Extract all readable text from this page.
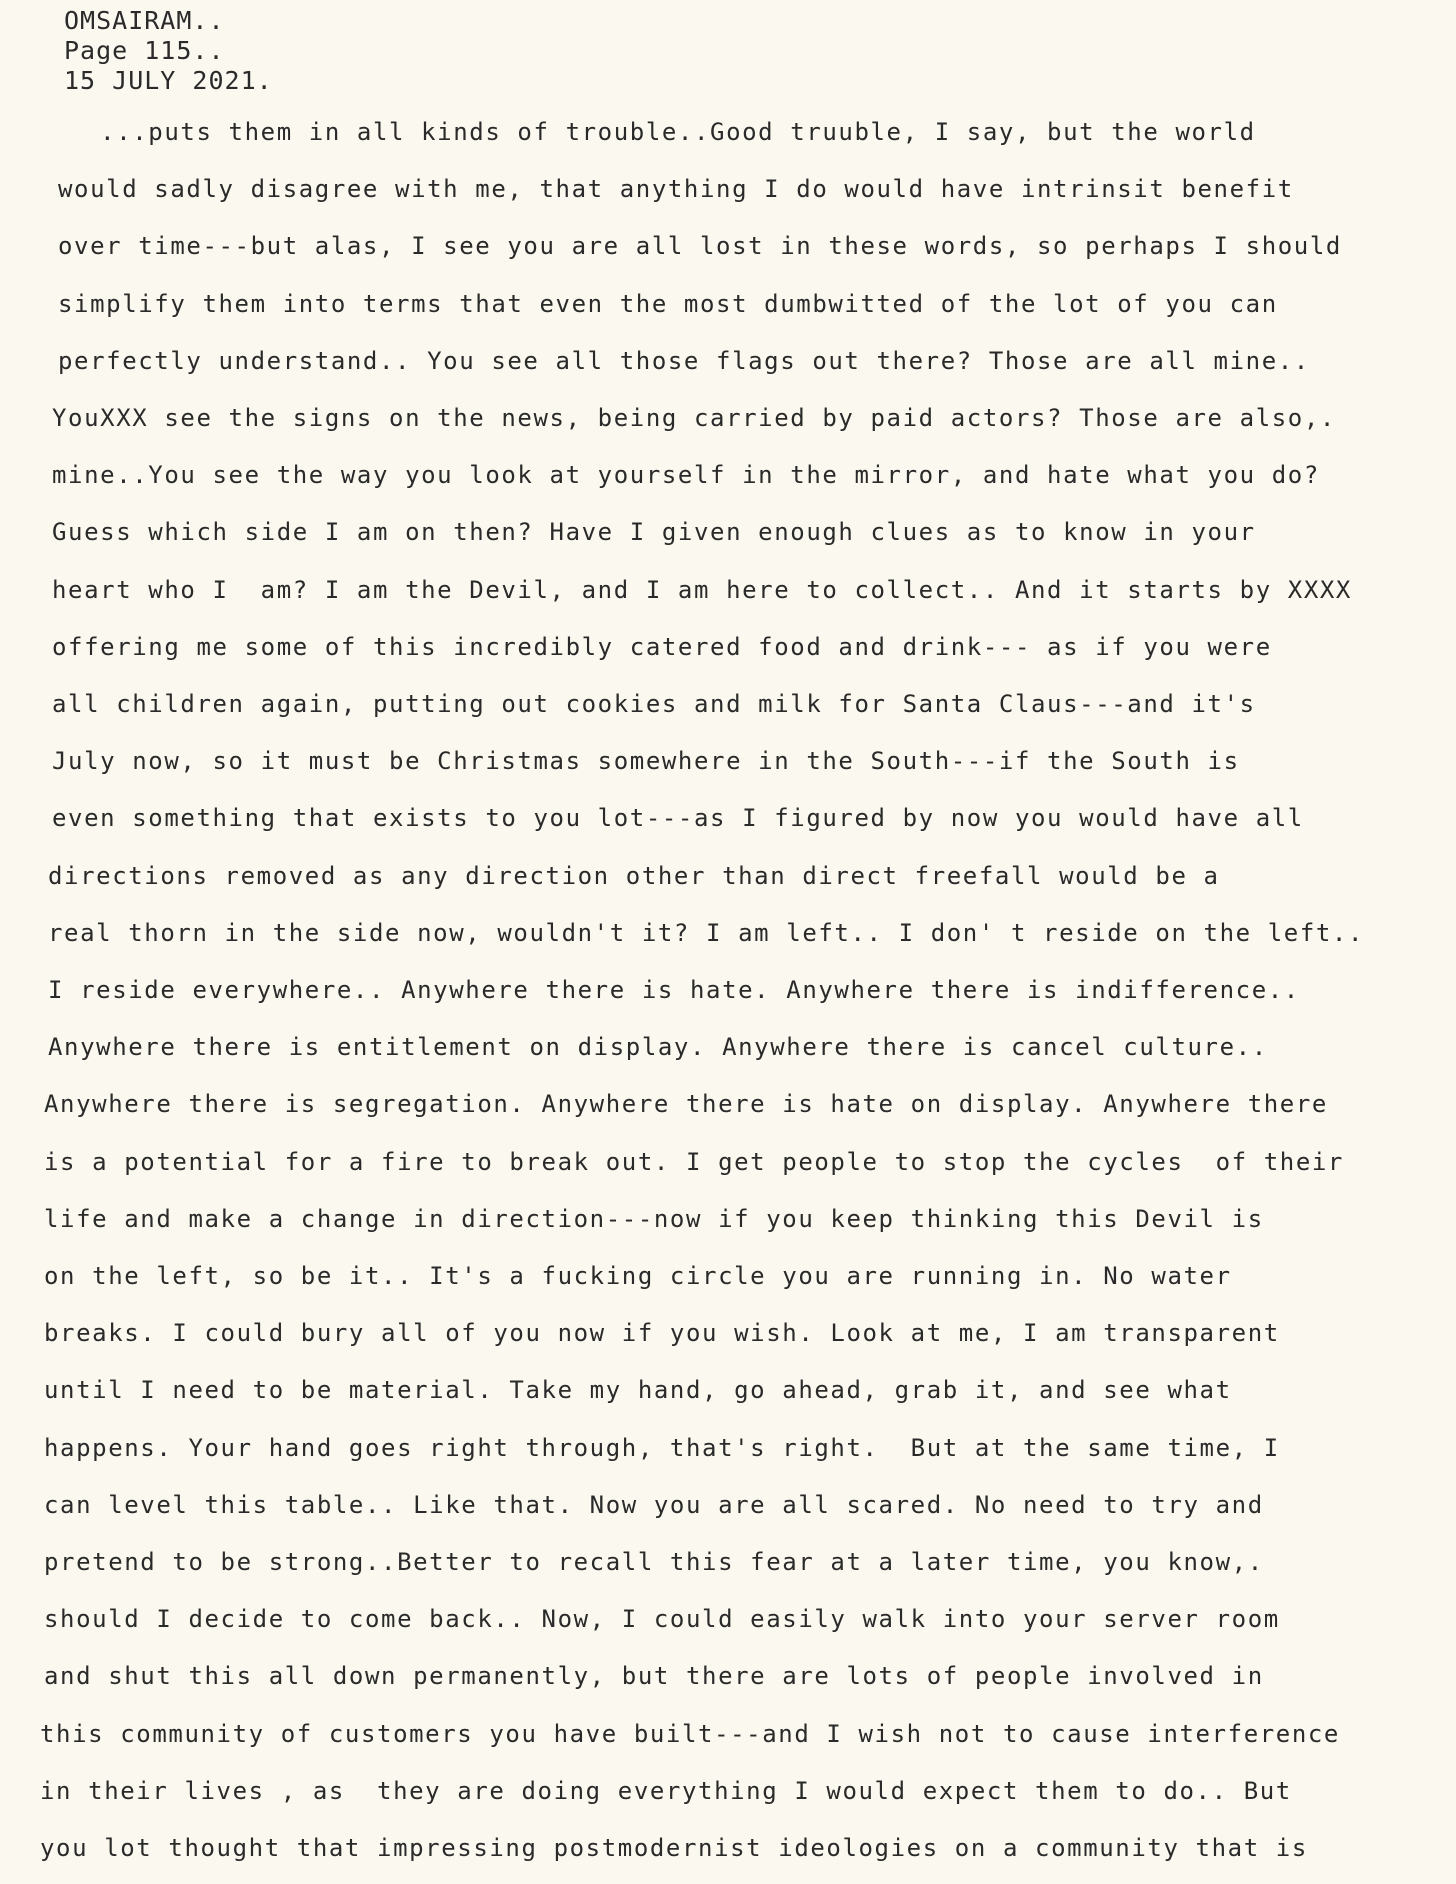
OMSAIRAM..
Page 115..
15 JULY 2021.
...puts them in all kinds of trouble..Good truuble, I say, but the world
would sadly disagree with me, that anything I do would have intrinsit benefit
over time---but alas, I see you are all lost in these words, so perhaps I should
simplify them into terms that even the most dumbwitted of the lot of you can
perfectly understand.. You see all those flags out there? Those are all mine..
YouXXX see the signs on the news, being carried by paid actors? Those are also,.
mine..You see the way you look at yourself in the mirror, and hate what you do?
Guess which side I am on then? Have I given enough clues as to know in your
heart who I  am? I am the Devil, and I am here to collect.. And it starts by XXXX
offering me some of this incredibly catered food and drink--- as if you were
all children again, putting out cookies and milk for Santa Claus---and it's
July now, so it must be Christmas somewhere in the South---if the South is
even something that exists to you lot---as I figured by now you would have all
directions removed as any direction other than direct freefall would be a
real thorn in the side now, wouldn't it? I am left.. I don' t reside on the left..
I reside everywhere.. Anywhere there is hate. Anywhere there is indifference..
Anywhere there is entitlement on display. Anywhere there is cancel culture..
Anywhere there is segregation. Anywhere there is hate on display. Anywhere there
is a potential for a fire to break out. I get people to stop the cycles  of their
life and make a change in direction---now if you keep thinking this Devil is
on the left, so be it.. It's a fucking circle you are running in. No water
breaks. I could bury all of you now if you wish. Look at me, I am transparent
until I need to be material. Take my hand, go ahead, grab it, and see what
happens. Your hand goes right through, that's right.  But at the same time, I
can level this table.. Like that. Now you are all scared. No need to try and
pretend to be strong..Better to recall this fear at a later time, you know,.
should I decide to come back.. Now, I could easily walk into your server room
and shut this all down permanently, but there are lots of people involved in
this community of customers you have built---and I wish not to cause interference
in their lives , as  they are doing everything I would expect them to do.. But
you lot thought that impressing postmodernist ideologies on a community that is
